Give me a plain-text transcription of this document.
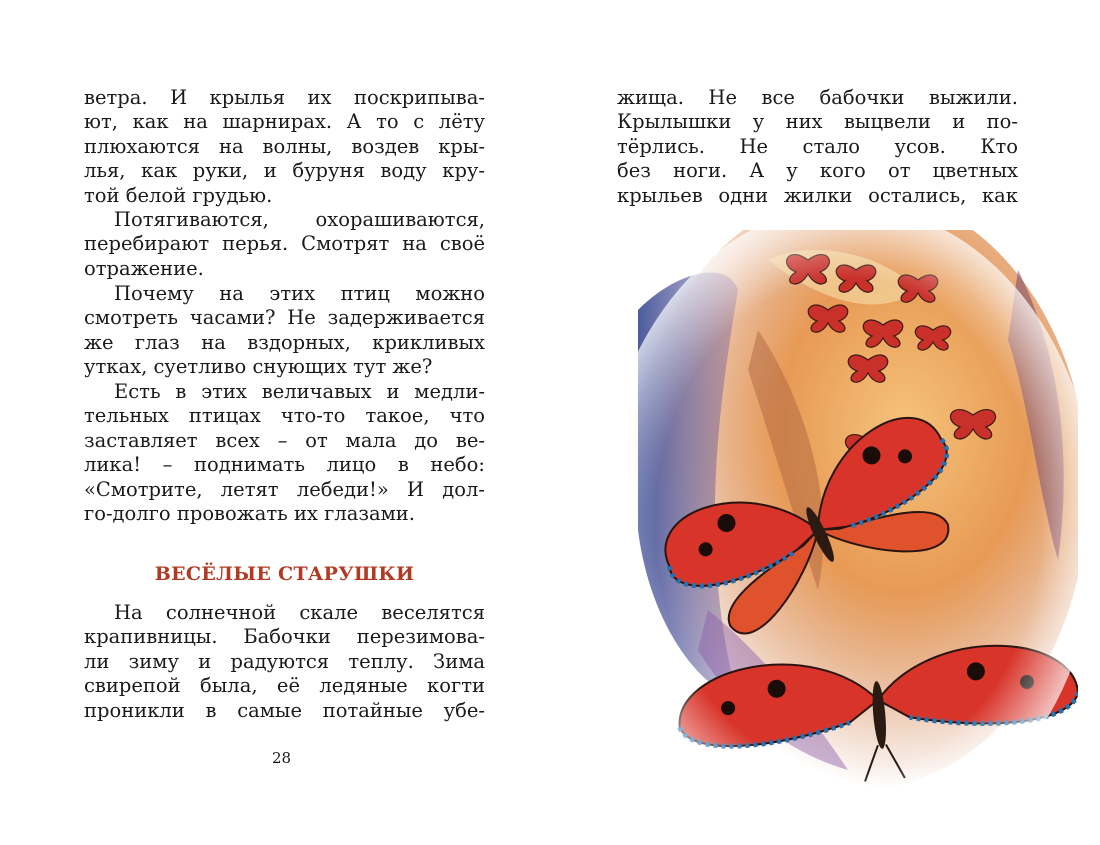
ветра. И крылья их поскрипыва-
ют, как на шарнирах. А то с лёту
плюхаются на волны, воздев кры-
лья, как руки, и буруня воду кру-
той белой грудью.
Потягиваются, охорашиваются,
перебирают перья. Смотрят на своё
отражение.
Почему на этих птиц можно
смотреть часами? Не задерживается
же глаз на вздорных, крикливых
утках, суетливо снующих тут же?
Есть в этих величавых и медли-
тельных птицах что-то такое, что
заставляет всех – от мала до ве-
лика! – поднимать лицо в небо:
«Смотрите, летят лебеди!» И дол-
го-долго провожать их глазами.
ВЕСЁЛЫЕ СТАРУШКИ
На солнечной скале веселятся
крапивницы. Бабочки перезимова-
ли зиму и радуются теплу. Зима
свирепой была, её ледяные когти
проникли в самые потайные убе-
28
жища. Не все бабочки выжили.
Крылышки у них выцвели и по-
тёрлись. Не стало усов. Кто
без ноги. А у кого от цветных
крыльев одни жилки остались, как
